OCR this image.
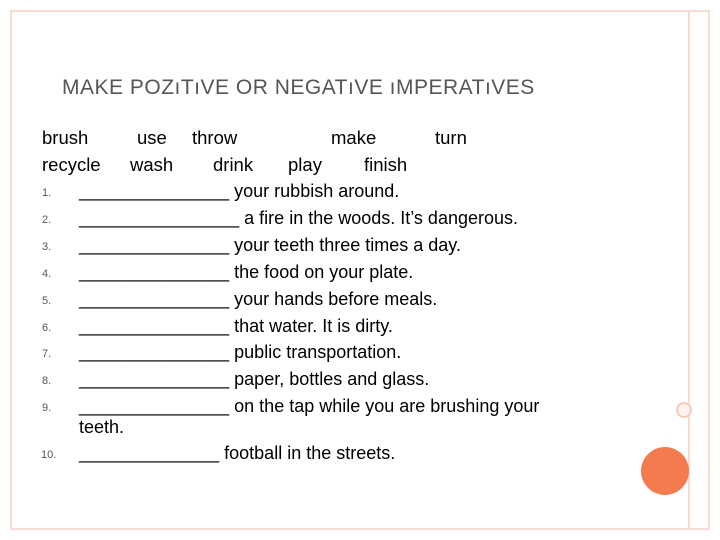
MAKE POZıTıVE OR NEGATıVE ıMPERATıVES
brush	use throw	make	turn
recycle wash drink play finish
1. _______________ your rubbish around.
2. ________________ a fire in the woods. It’s dangerous.
3. _______________ your teeth three times a day.
4. _______________ the food on your plate.
5. _______________ your hands before meals.
6. _______________ that water. It is dirty.
7. _______________ public transportation.
8. _______________ paper, bottles and glass.
9. _______________ on the tap while you are brushing your
teeth.
10. ______________ football in the streets.
